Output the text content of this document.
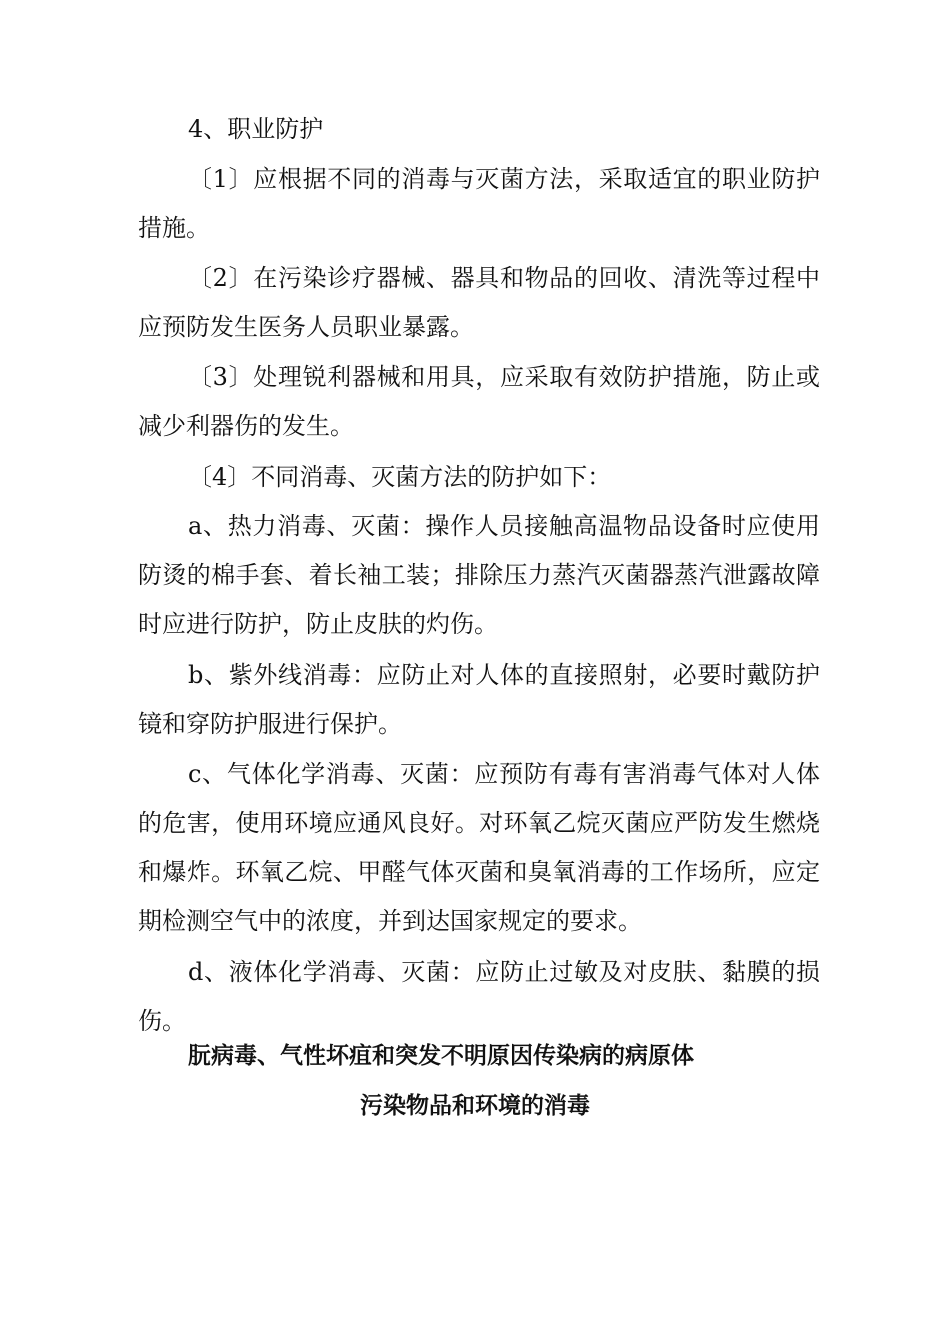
4、职业防护

〔1〕应根据不同的消毒与灭菌方法，采取适宜的职业防护措施。

〔2〕在污染诊疗器械、器具和物品的回收、清洗等过程中应预防发生医务人员职业暴露。

〔3〕处理锐利器械和用具，应采取有效防护措施，防止或减少利器伤的发生。

〔4〕不同消毒、灭菌方法的防护如下：

a、热力消毒、灭菌：操作人员接触高温物品设备时应使用防烫的棉手套、着长袖工装；排除压力蒸汽灭菌器蒸汽泄露故障时应进行防护，防止皮肤的灼伤。

b、紫外线消毒：应防止对人体的直接照射，必要时戴防护镜和穿防护服进行保护。

c、气体化学消毒、灭菌：应预防有毒有害消毒气体对人体的危害，使用环境应通风良好。对环氧乙烷灭菌应严防发生燃烧和爆炸。环氧乙烷、甲醛气体灭菌和臭氧消毒的工作场所，应定期检测空气中的浓度，并到达国家规定的要求。

d、液体化学消毒、灭菌：应防止过敏及对皮肤、黏膜的损伤。

朊病毒、气性坏疽和突发不明原因传染病的病原体

污染物品和环境的消毒
